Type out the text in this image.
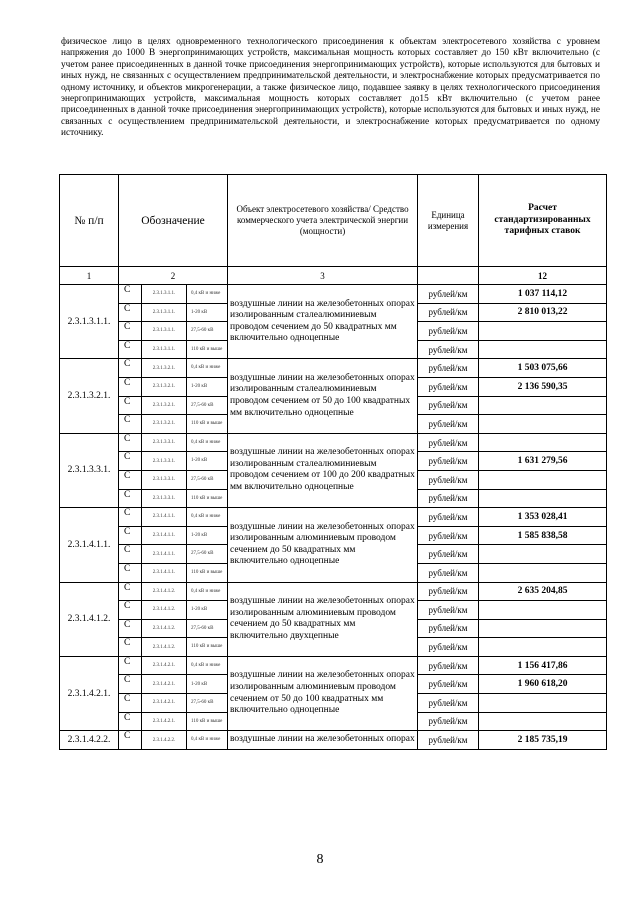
физическое лицо в целях одновременного технологического присоединения к объектам электросетевого хозяйства с уровнем напряжения до 1000 В энергопринимающих устройств, максимальная мощность которых составляет до 150 кВт включительно (с учетом ранее присоединенных в данной точке присоединения энергопринимающих устройств), которые используются для бытовых и иных нужд, не связанных с осуществлением предпринимательской деятельности, и электроснабжение которых предусматривается по одному источнику, и объектов микрогенерации, а также физическое лицо, подавшее заявку в целях технологического присоединения энергопринимающих устройств, максимальная мощность которых составляет до15 кВт включительно (с учетом ранее присоединенных в данной точке присоединения энергопринимающих устройств), которые используются для бытовых и иных нужд, не связанных с осуществлением предпринимательской деятельности, и электроснабжение которых предусматривается по одному источнику.
№ п/п	Обозначение			Объект электросетевого хозяйства/ Средство коммерческого учета электрической энергии (мощности)	Единица измерения	Расчет стандартизированных тарифных ставок
1	2			3		12
2.3.1.3.1.1.	С	2.3.1.3.1.1.	0,4 кВ и ниже	воздушные линии на железобетонных опорах изолированным сталеалюминиевым проводом сечением до 50 квадратных мм включительно одноцепные	рублей/км	1 037 114,12
	С	2.3.1.3.1.1.	1-20 кВ		рублей/км	2 810 013,22
	С	2.3.1.3.1.1.	27,5-60 кВ		рублей/км	
	С	2.3.1.3.1.1.	110 кВ и выше		рублей/км	
2.3.1.3.2.1.	С	2.3.1.3.2.1.	0,4 кВ и ниже	воздушные линии на железобетонных опорах изолированным сталеалюминиевым проводом сечением от 50 до 100 квадратных мм включительно одноцепные	рублей/км	1 503 075,66
	С	2.3.1.3.2.1.	1-20 кВ		рублей/км	2 136 590,35
	С	2.3.1.3.2.1.	27,5-60 кВ		рублей/км	
	С	2.3.1.3.2.1.	110 кВ и выше		рублей/км	
2.3.1.3.3.1.	С	2.3.1.3.3.1.	0,4 кВ и ниже	воздушные линии на железобетонных опорах изолированным сталеалюминиевым проводом сечением от 100 до 200 квадратных мм включительно одноцепные	рублей/км	
	С	2.3.1.3.3.1.	1-20 кВ		рублей/км	1 631 279,56
	С	2.3.1.3.3.1.	27,5-60 кВ		рублей/км	
	С	2.3.1.3.3.1.	110 кВ и выше		рублей/км	
2.3.1.4.1.1.	С	2.3.1.4.1.1.	0,4 кВ и ниже	воздушные линии на железобетонных опорах изолированным алюминиевым проводом сечением до 50 квадратных мм включительно одноцепные	рублей/км	1 353 028,41
	С	2.3.1.4.1.1.	1-20 кВ		рублей/км	1 585 838,58
	С	2.3.1.4.1.1.	27,5-60 кВ		рублей/км	
	С	2.3.1.4.1.1.	110 кВ и выше		рублей/км	
2.3.1.4.1.2.	С	2.3.1.4.1.2.	0,4 кВ и ниже	воздушные линии на железобетонных опорах изолированным алюминиевым проводом сечением до 50 квадратных мм включительно двухцепные	рублей/км	2 635 204,85
	С	2.3.1.4.1.2.	1-20 кВ		рублей/км	
	С	2.3.1.4.1.2.	27,5-60 кВ		рублей/км	
	С	2.3.1.4.1.2.	110 кВ и выше		рублей/км	
2.3.1.4.2.1.	С	2.3.1.4.2.1.	0,4 кВ и ниже	воздушные линии на железобетонных опорах изолированным алюминиевым проводом сечением от 50 до 100 квадратных мм включительно одноцепные	рублей/км	1 156 417,86
	С	2.3.1.4.2.1.	1-20 кВ		рублей/км	1 960 618,20
	С	2.3.1.4.2.1.	27,5-60 кВ		рублей/км	
	С	2.3.1.4.2.1.	110 кВ и выше		рублей/км	
2.3.1.4.2.2.	С	2.3.1.4.2.2.	0,4 кВ и ниже	воздушные линии на железобетонных опорах	рублей/км	2 185 735,19
8
